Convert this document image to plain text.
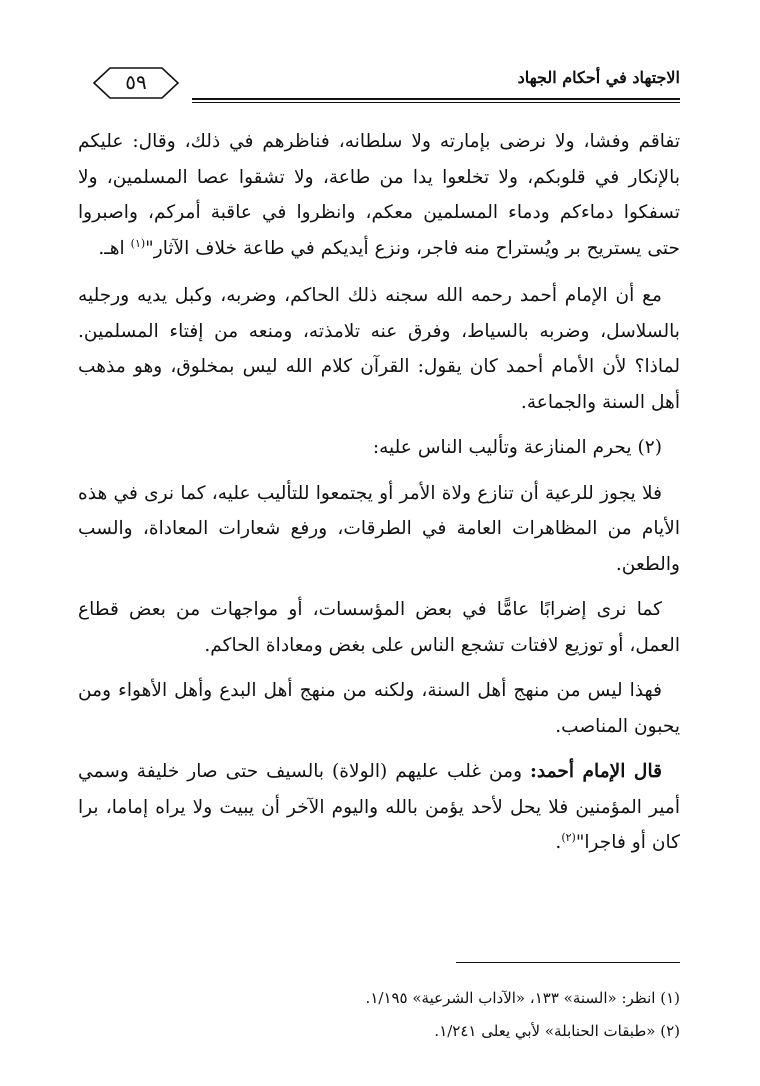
٥٩	الاجتهاد في أحكام الجهاد

تفاقم وفشا، ولا نرضى بإمارته ولا سلطانه، فناظرهم في ذلك، وقال: عليكم بالإنكار في قلوبكم، ولا تخلعوا يدا من طاعة، ولا تشقوا عصا المسلمين، ولا تسفكوا دماءكم ودماء المسلمين معكم، وانظروا في عاقبة أمركم، واصبروا حتى يستريح بر ويُستراح منه فاجر، ونزع أيديكم في طاعة خلاف الآثار"$^{(١)}$ اهـ.

مع أن الإمام أحمد رحمه الله سجنه ذلك الحاكم، وضربه، وكبل يديه ورجليه بالسلاسل، وضربه بالسياط، وفرق عنه تلامذته، ومنعه من إفتاء المسلمين. لماذا؟ لأن الأمام أحمد كان يقول: القرآن كلام الله ليس بمخلوق، وهو مذهب أهل السنة والجماعة.

(٢) يحرم المنازعة وتأليب الناس عليه:

فلا يجوز للرعية أن تنازع ولاة الأمر أو يجتمعوا للتأليب عليه، كما نرى في هذه الأيام من المظاهرات العامة في الطرقات، ورفع شعارات المعاداة، والسب والطعن.

كما نرى إضرابًا عامًّا في بعض المؤسسات، أو مواجهات من بعض قطاع العمل، أو توزيع لافتات تشجع الناس على بغض ومعاداة الحاكم.

فهذا ليس من منهج أهل السنة، ولكنه من منهج أهل البدع وأهل الأهواء ومن يحبون المناصب.

قال الإمام أحمد: ومن غلب عليهم (الولاة) بالسيف حتى صار خليفة وسمي أمير المؤمنين فلا يحل لأحد يؤمن بالله واليوم الآخر أن يبيت ولا يراه إماما، برا كان أو فاجرا"$^{(٢)}$.

(١) انظر: «السنة» ١٣٣، «الآداب الشرعية» ١/١٩٥.
(٢) «طبقات الحنابلة» لأبي يعلى ١/٢٤١.
